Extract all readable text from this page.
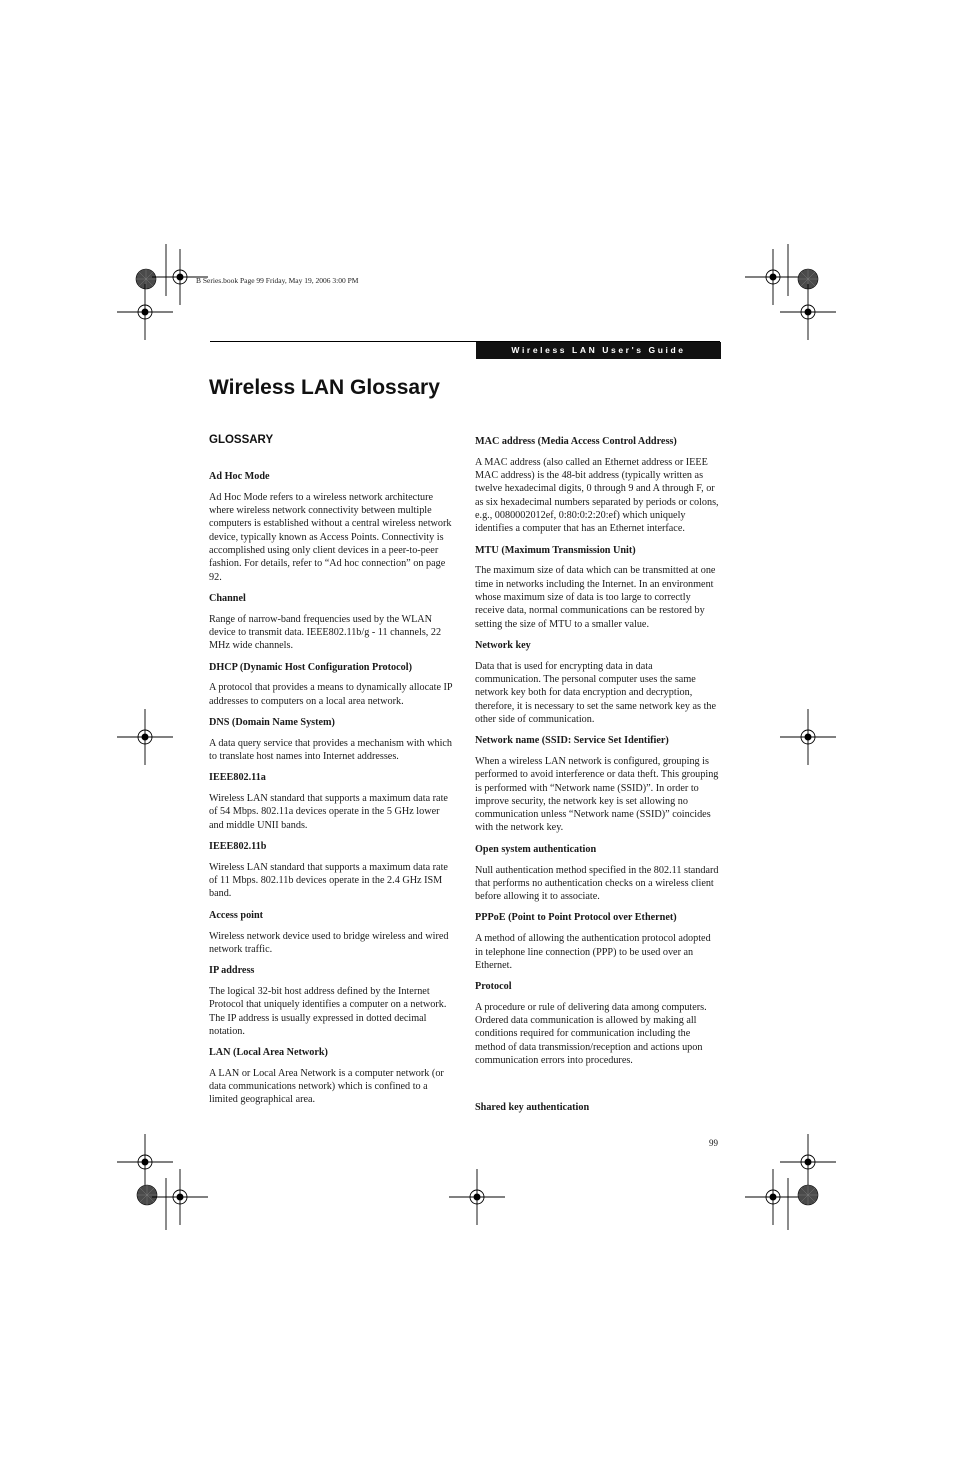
B Series.book Page 99 Friday, May 19, 2006 3:00 PM
Wireless LAN User's Guide
Wireless LAN Glossary
GLOSSARY

Ad Hoc Mode

Ad Hoc Mode refers to a wireless network architecture where wireless network connectivity between multiple computers is established without a central wireless network device, typically known as Access Points. Connectivity is accomplished using only client devices in a peer-to-peer fashion. For details, refer to “Ad hoc connection” on page 92.

Channel

Range of narrow-band frequencies used by the WLAN device to transmit data. IEEE802.11b/g - 11 channels, 22 MHz wide channels.

DHCP (Dynamic Host Configuration Protocol)

A protocol that provides a means to dynamically allocate IP addresses to computers on a local area network.

DNS (Domain Name System)

A data query service that provides a mechanism with which to translate host names into Internet addresses.

IEEE802.11a

Wireless LAN standard that supports a maximum data rate of 54 Mbps. 802.11a devices operate in the 5 GHz lower and middle UNII bands.

IEEE802.11b

Wireless LAN standard that supports a maximum data rate of 11 Mbps. 802.11b devices operate in the 2.4 GHz ISM band.

Access point

Wireless network device used to bridge wireless and wired network traffic.

IP address

The logical 32-bit host address defined by the Internet Protocol that uniquely identifies a computer on a network. The IP address is usually expressed in dotted decimal notation.

LAN (Local Area Network)

A LAN or Local Area Network is a computer network (or data communications network) which is confined to a limited geographical area.

MAC address (Media Access Control Address)

A MAC address (also called an Ethernet address or IEEE MAC address) is the 48-bit address (typically written as twelve hexadecimal digits, 0 through 9 and A through F, or as six hexadecimal numbers separated by periods or colons, e.g., 0080002012ef, 0:80:0:2:20:ef) which uniquely identifies a computer that has an Ethernet interface.

MTU (Maximum Transmission Unit)

The maximum size of data which can be transmitted at one time in networks including the Internet. In an environment whose maximum size of data is too large to correctly receive data, normal communications can be restored by setting the size of MTU to a smaller value.

Network key

Data that is used for encrypting data in data communication. The personal computer uses the same network key both for data encryption and decryption, therefore, it is necessary to set the same network key as the other side of communication.

Network name (SSID: Service Set Identifier)

When a wireless LAN network is configured, grouping is performed to avoid interference or data theft. This grouping is performed with “Network name (SSID)”. In order to improve security, the network key is set allowing no communication unless “Network name (SSID)” coincides with the network key.

Open system authentication

Null authentication method specified in the 802.11 standard that performs no authentication checks on a wireless client before allowing it to associate.

PPPoE (Point to Point Protocol over Ethernet)

A method of allowing the authentication protocol adopted in telephone line connection (PPP) to be used over an Ethernet.

Protocol

A procedure or rule of delivering data among computers. Ordered data communication is allowed by making all conditions required for communication including the method of data transmission/reception and actions upon communication errors into procedures.

Shared key authentication

99
